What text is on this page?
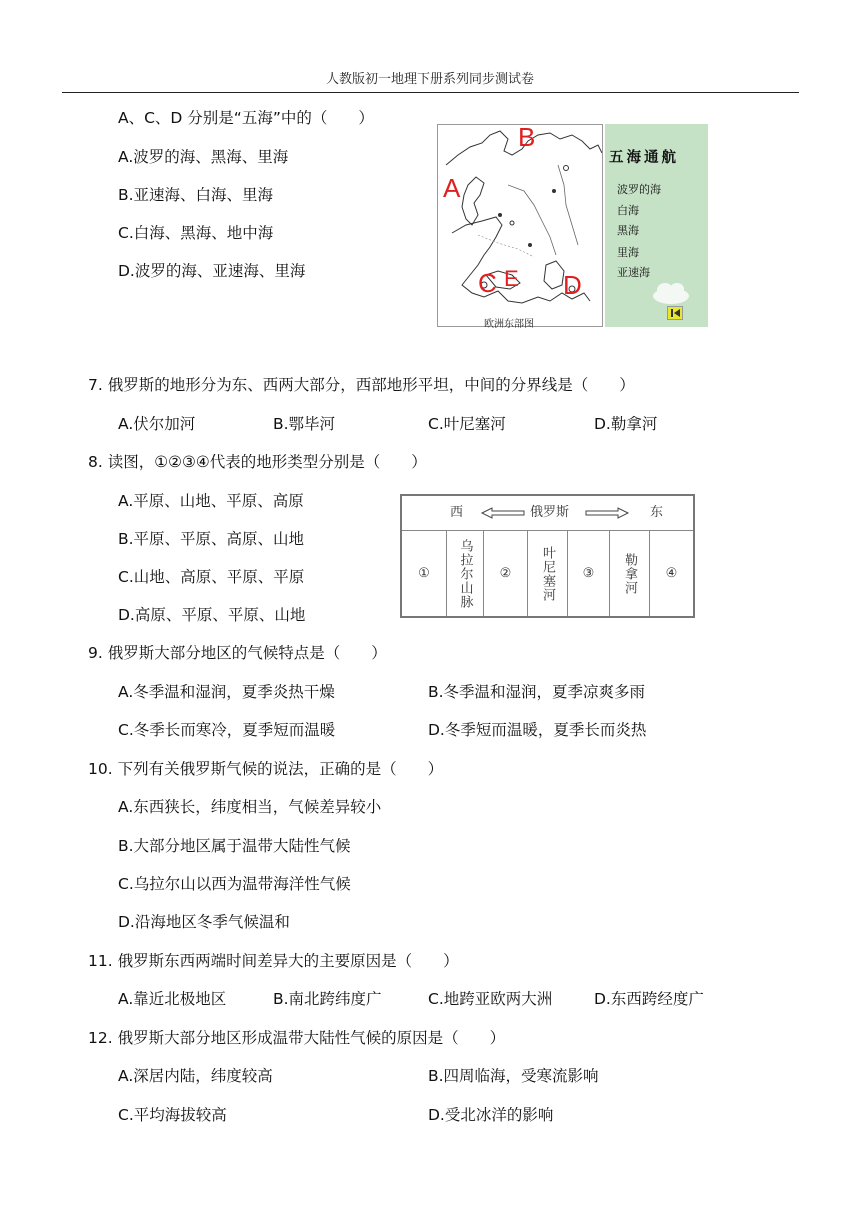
人教版初一地理下册系列同步测试卷
A、C、D 分别是“五海”中的（　　）
A.波罗的海、黑海、里海
B.亚速海、白海、里海
C.白海、黑海、地中海
D.波罗的海、亚速海、里海
A
B
C E D
欧洲东部图
五海通航
波罗的海
白海
黑海
里海
亚速海
7. 俄罗斯的地形分为东、西两大部分，西部地形平坦，中间的分界线是（　　）
A.伏尔加河	B.鄂毕河	C.叶尼塞河	D.勒拿河
8. 读图，①②③④代表的地形类型分别是（　　）
A.平原、山地、平原、高原
B.平原、平原、高原、山地
C.山地、高原、平原、平原
D.高原、平原、平原、山地
西	俄罗斯	东
① 乌拉尔山脉 ② 叶尼塞河 ③ 勒拿河 ④
9. 俄罗斯大部分地区的气候特点是（　　）
A.冬季温和湿润，夏季炎热干燥	B.冬季温和湿润，夏季凉爽多雨
C.冬季长而寒冷，夏季短而温暖	D.冬季短而温暖，夏季长而炎热
10. 下列有关俄罗斯气候的说法，正确的是（　　）
A.东西狭长，纬度相当，气候差异较小
B.大部分地区属于温带大陆性气候
C.乌拉尔山以西为温带海洋性气候
D.沿海地区冬季气候温和
11. 俄罗斯东西两端时间差异大的主要原因是（　　）
A.靠近北极地区	B.南北跨纬度广	C.地跨亚欧两大洲	D.东西跨经度广
12. 俄罗斯大部分地区形成温带大陆性气候的原因是（　　）
A.深居内陆，纬度较高	B.四周临海，受寒流影响
C.平均海拔较高	D.受北冰洋的影响
